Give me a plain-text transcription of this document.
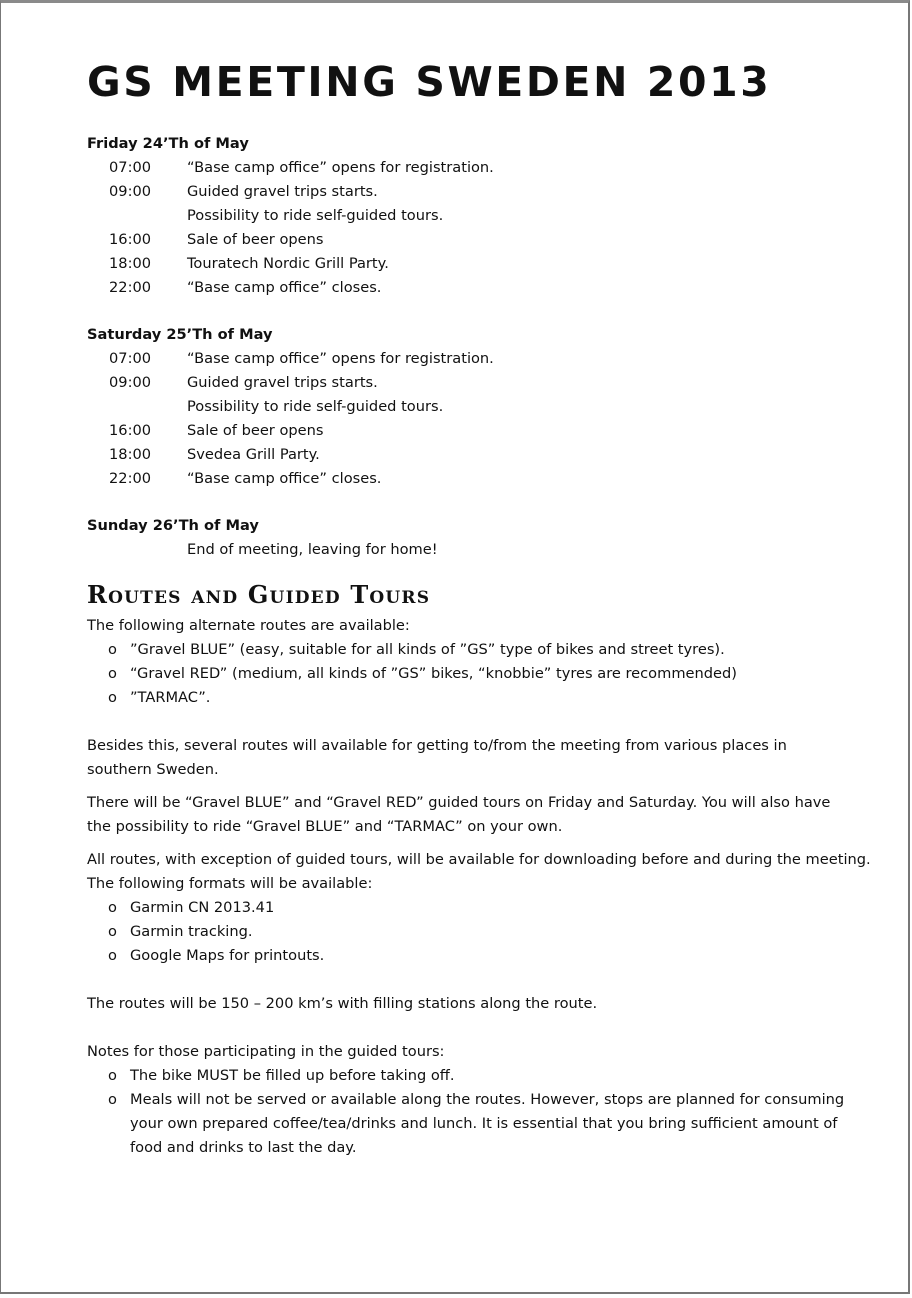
GS MEETING SWEDEN 2013
Friday 24’Th of May
07:00	“Base camp office” opens for registration.
09:00	Guided gravel trips starts.
Possibility to ride self-guided tours.
16:00	Sale of beer opens
18:00	Touratech Nordic Grill Party.
22:00	“Base camp office” closes.
Saturday 25’Th of May
07:00	“Base camp office” opens for registration.
09:00	Guided gravel trips starts.
Possibility to ride self-guided tours.
16:00	Sale of beer opens
18:00	Svedea Grill Party.
22:00	“Base camp office” closes.
Sunday 26’Th of May
End of meeting, leaving for home!
Routes and Guided Tours

The following alternate routes are available:

o ”Gravel BLUE” (easy, suitable for all kinds of ”GS” type of bikes and street tyres).
o “Gravel RED” (medium, all kinds of ”GS” bikes, “knobbie” tyres are recommended)
o ”TARMAC”.

Besides this, several routes will available for getting to/from the meeting from various places in southern Sweden.

There will be “Gravel BLUE” and “Gravel RED” guided tours on Friday and Saturday. You will also have the possibility to ride “Gravel BLUE” and “TARMAC” on your own.

All routes, with exception of guided tours, will be available for downloading before and during the meeting.

The following formats will be available:

o Garmin CN 2013.41
o Garmin tracking.
o Google Maps for printouts.

The routes will be 150 – 200 km’s with filling stations along the route.

Notes for those participating in the guided tours:

o The bike MUST be filled up before taking off.
o Meals will not be served or available along the routes. However, stops are planned for consuming your own prepared coffee/tea/drinks and lunch. It is essential that you bring sufficient amount of food and drinks to last the day.
